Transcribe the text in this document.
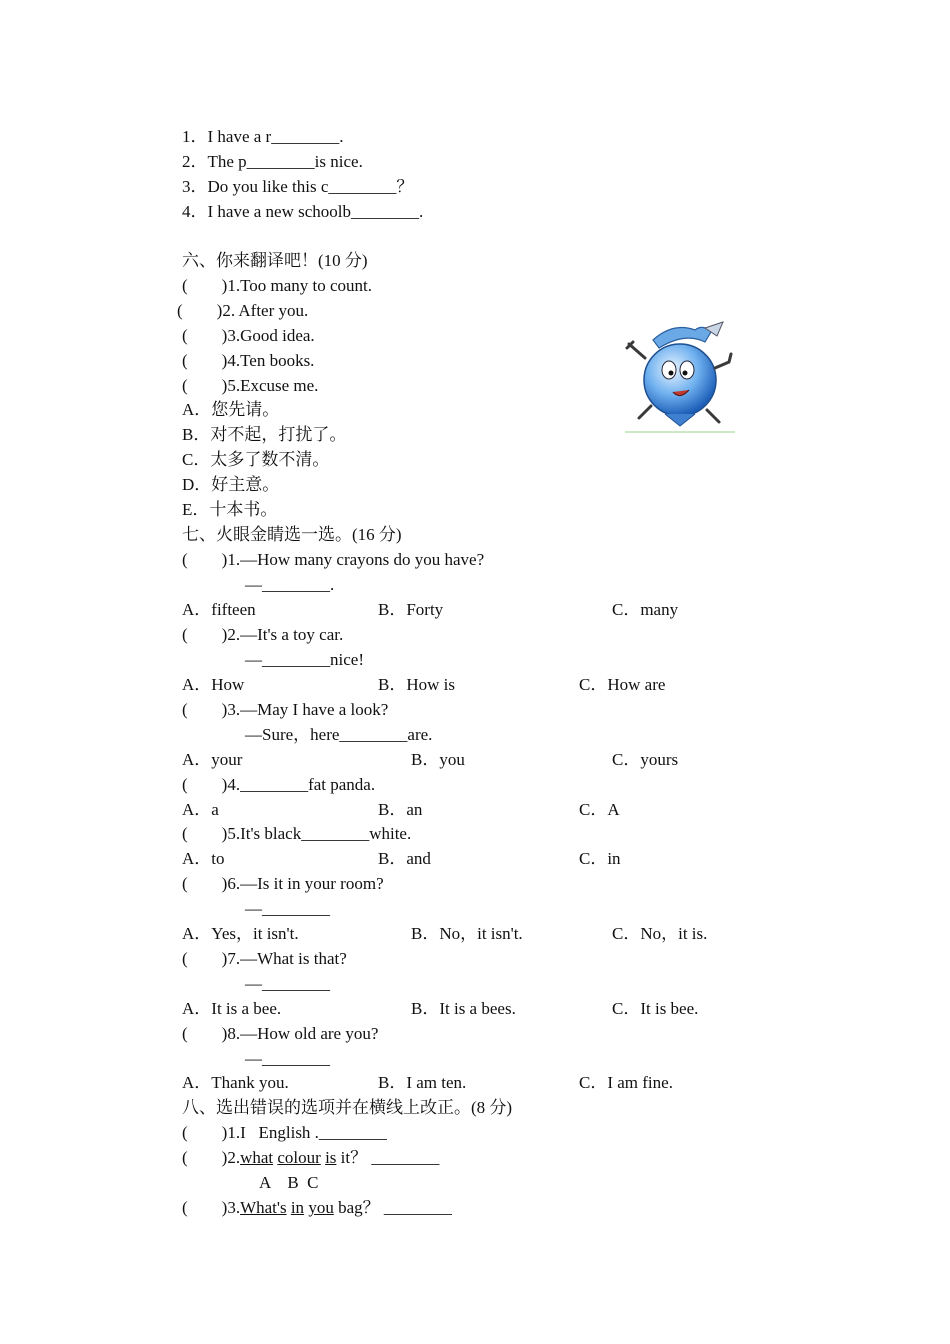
1．I have a r________.
2．The p________is nice.
3．Do you like this c________？
4．I have a new schoolb________.
六、你来翻译吧！(10 分)
(        )1.Too many to count.
(        )2. After you.
(        )3.Good idea.
(        )4.Ten books.
(        )5.Excuse me.
A．您先请。
B．对不起，打扰了。
C．太多了数不清。
D．好主意。
E．十本书。
七、火眼金睛选一选。(16 分)
(        )1.—How many crayons do you have?
—________.
A．fifteen	B．Forty	C．many
(        )2.—It's a toy car.
—________nice!
A．How	B．How is	C．How are
(        )3.—May I have a look?
—Sure，here________are.
A．your	B．you	C．yours
(        )4.________fat panda.
A．a	B．an	C．A
(        )5.It's black________white.
A．to	B．and	C．in
(        )6.—Is it in your room?
—________
A．Yes，it isn't.	B．No，it isn't.	C．No，it is.
(        )7.—What is that?
—________
A．It is a bee.	B．It is a bees.	C．It is bee.
(        )8.—How old are you?
—________
A．Thank you.	B．I am ten.	C．I am fine.
八、选出错误的选项并在横线上改正。(8 分)
(        )1.I   English .________
(        )2.what colour is it？ ________
A    B  C
(        )3.What's in you bag？ ________
